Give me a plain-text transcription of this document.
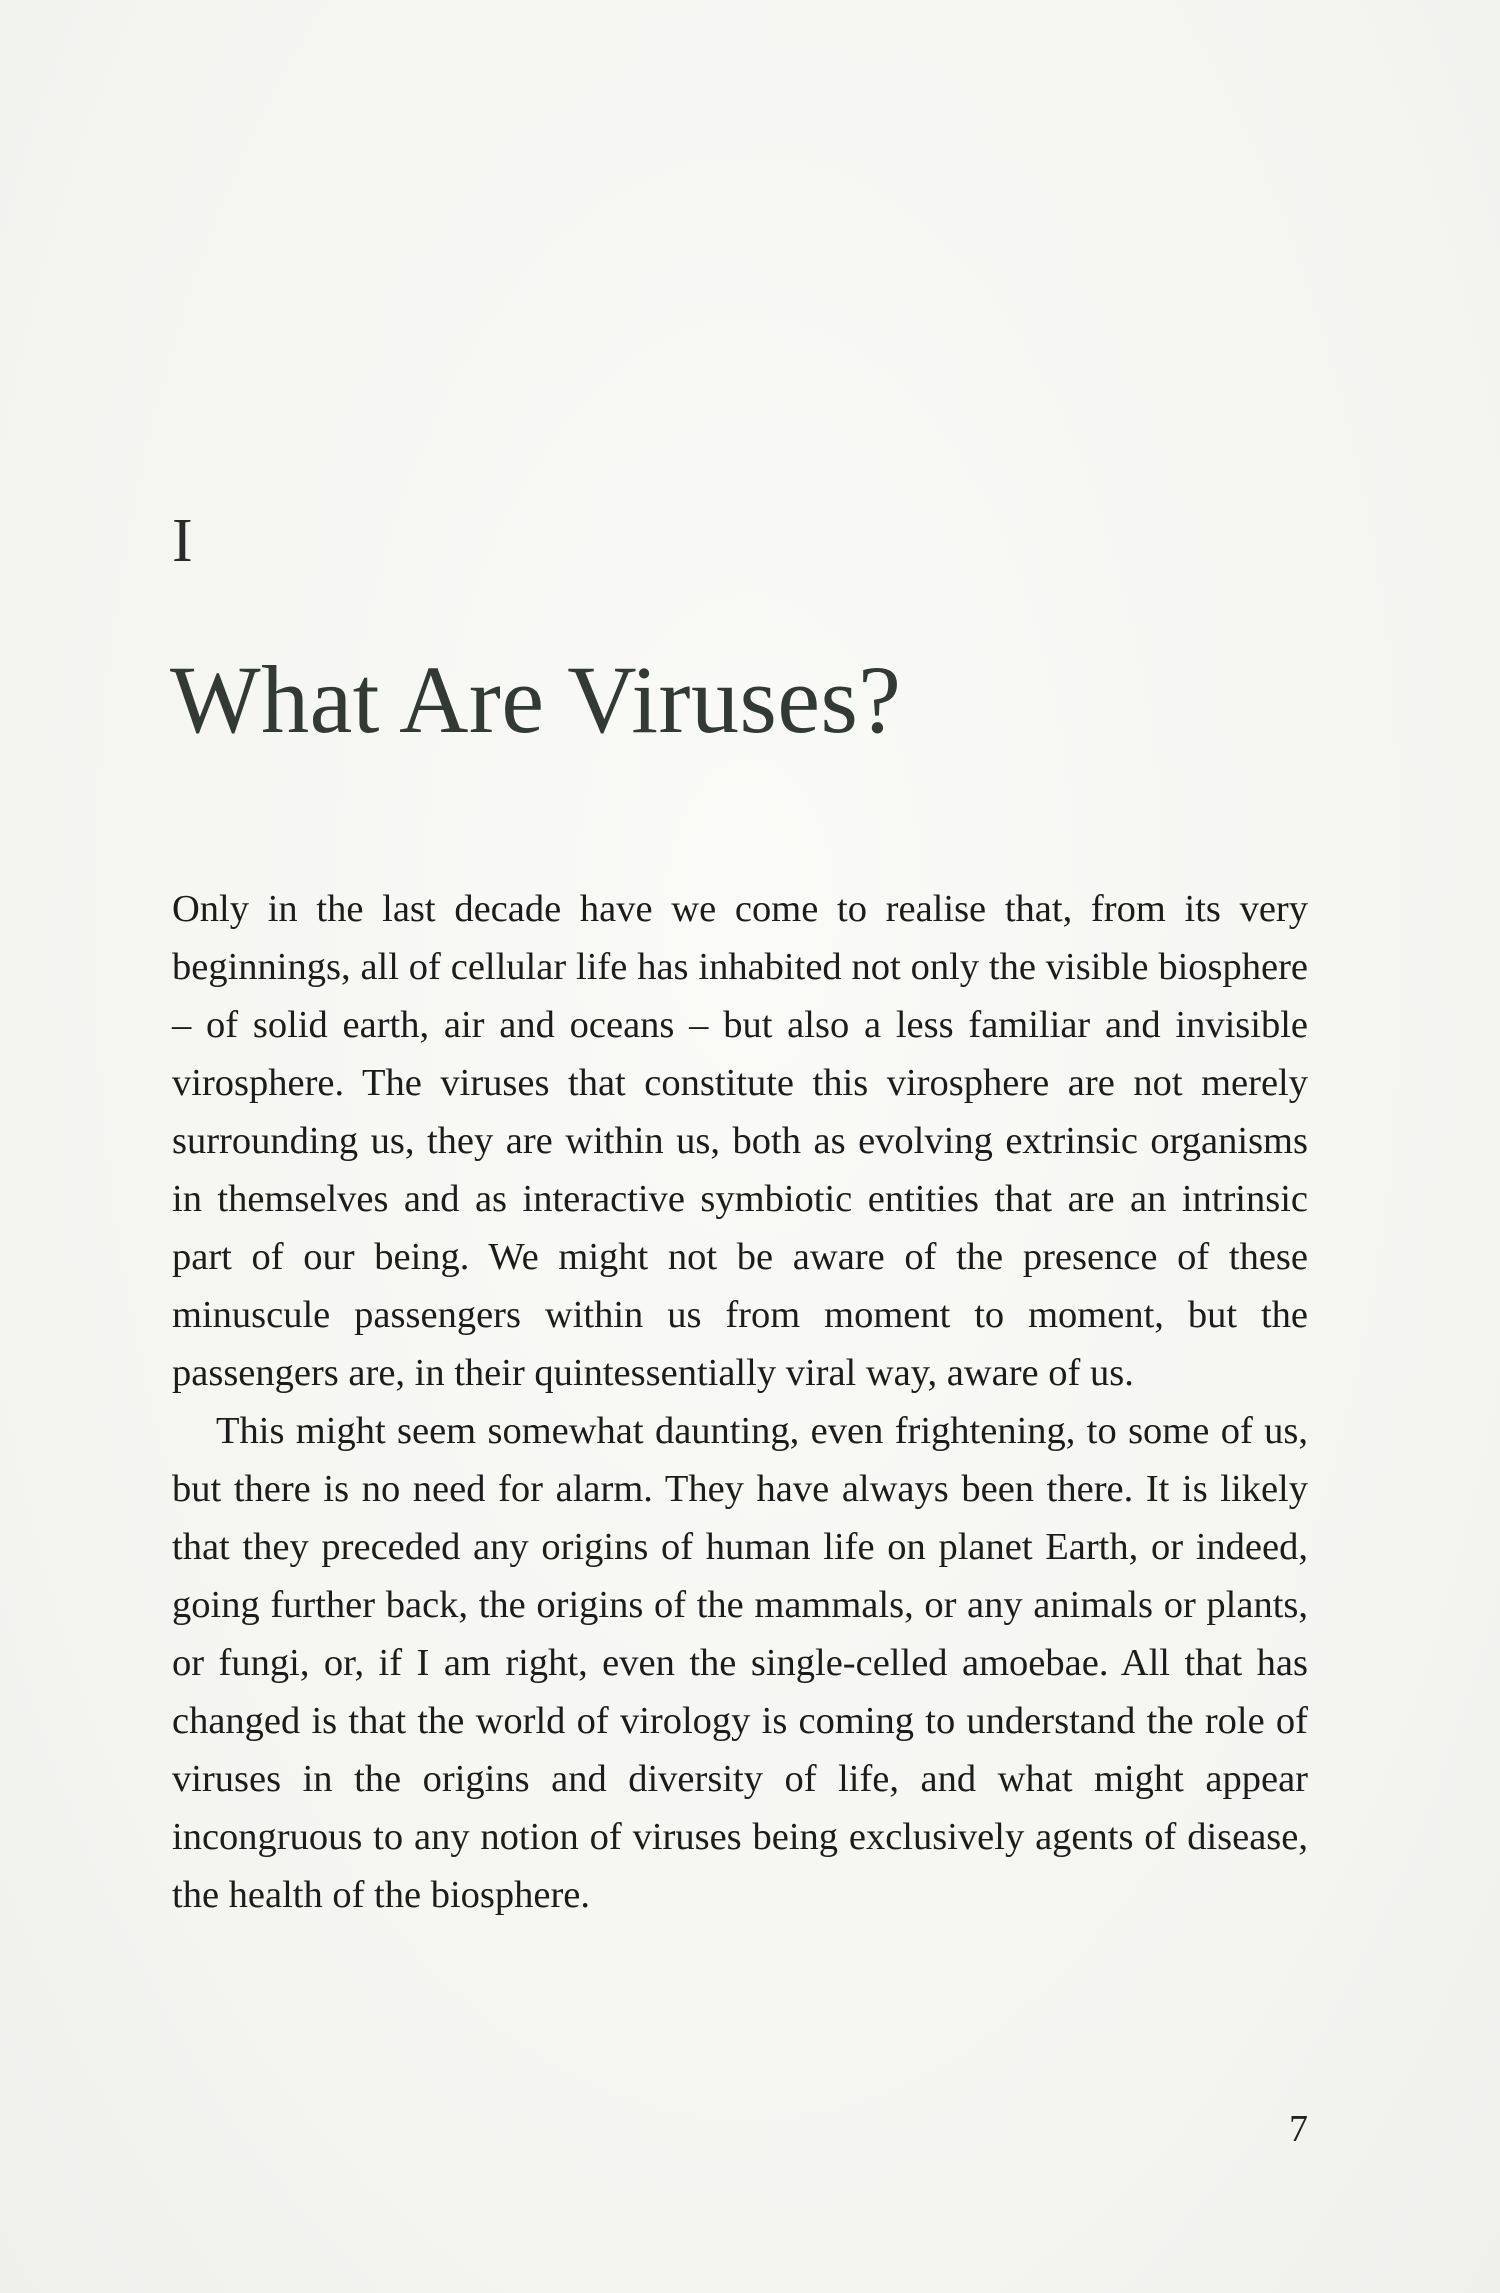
I
What Are Viruses?

Only in the last decade have we come to realise that, from its very beginnings, all of cellular life has inhabited not only the visible biosphere – of solid earth, air and oceans – but also a less familiar and invisible virosphere. The viruses that constitute this virosphere are not merely surrounding us, they are within us, both as evolving extrinsic organisms in themselves and as interactive symbiotic entities that are an intrinsic part of our being. We might not be aware of the presence of these minuscule passengers within us from moment to moment, but the passengers are, in their quintessentially viral way, aware of us.

This might seem somewhat daunting, even frightening, to some of us, but there is no need for alarm. They have always been there. It is likely that they preceded any origins of human life on planet Earth, or indeed, going further back, the origins of the mammals, or any animals or plants, or fungi, or, if I am right, even the single-celled amoebae. All that has changed is that the world of virology is coming to understand the role of viruses in the origins and diversity of life, and what might appear incongruous to any notion of viruses being exclusively agents of disease, the health of the biosphere.

7
